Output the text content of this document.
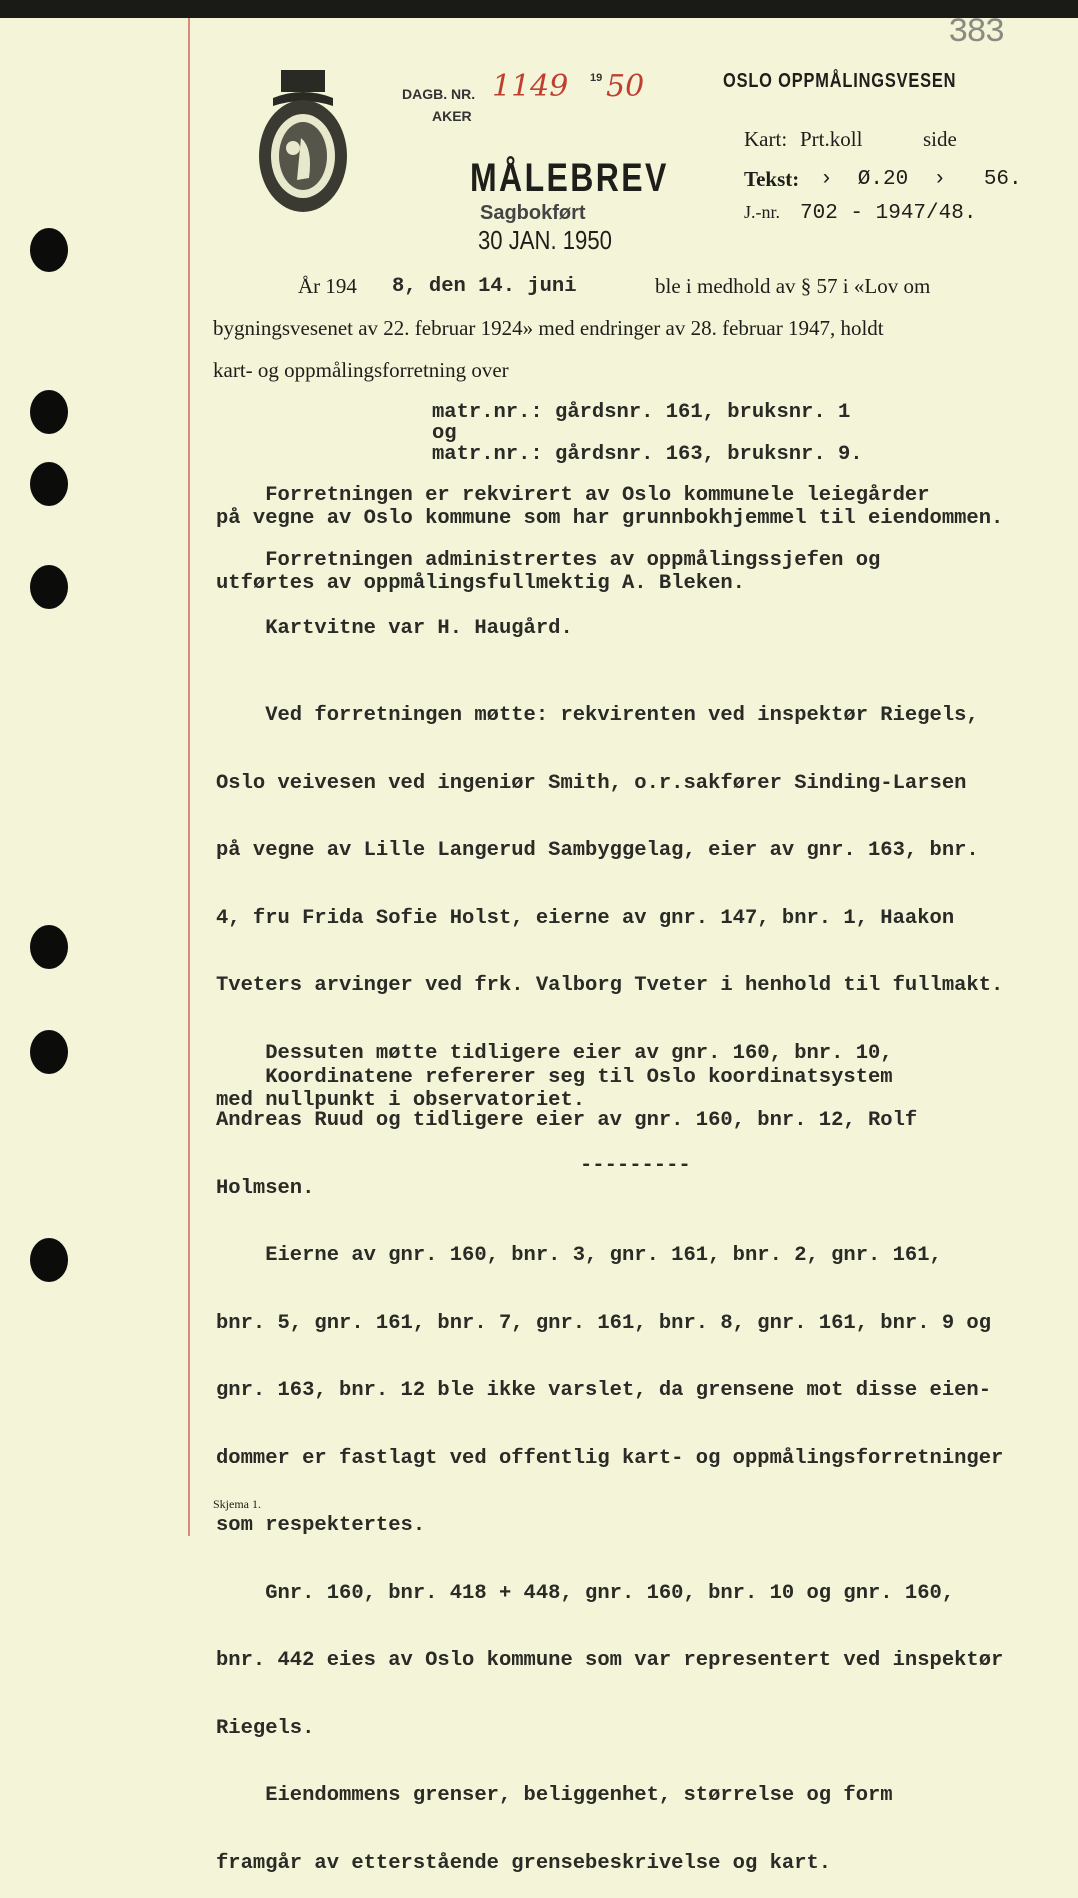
383
DAGB. NR. 1149 19 50
AKER
MÅLEBREV
Sagbokført
30 JAN. 1950
OSLO OPPMÅLINGSVESEN
Kart: Prt.koll	side
Tekst: ›  Ø.20  ›   56.
J.-nr. 702 - 1947/48.
År 194 8, den 14. juni	ble i medhold av § 57 i «Lov om
bygningsvesenet av 22. februar 1924» med endringer av 28. februar 1947, holdt
kart- og oppmålingsforretning over
matr.nr.: gårdsnr. 161, bruksnr. 1
og
matr.nr.: gårdsnr. 163, bruksnr. 9.
Forretningen er rekvirert av Oslo kommunele leiegårder
på vegne av Oslo kommune som har grunnbokhjemmel til eiendommen.
Forretningen administrertes av oppmålingssjefen og
utførtes av oppmålingsfullmektig A. Bleken.
Kartvitne var H. Haugård.

Ved forretningen møtte: rekvirenten ved inspektør Riegels,

Oslo veivesen ved ingeniør Smith, o.r.sakfører Sinding-Larsen

på vegne av Lille Langerud Sambyggelag, eier av gnr. 163, bnr.

4, fru Frida Sofie Holst, eierne av gnr. 147, bnr. 1, Haakon

Tveters arvinger ved frk. Valborg Tveter i henhold til fullmakt.

Dessuten møtte tidligere eier av gnr. 160, bnr. 10,

Andreas Ruud og tidligere eier av gnr. 160, bnr. 12, Rolf

Holmsen.

Eierne av gnr. 160, bnr. 3, gnr. 161, bnr. 2, gnr. 161,

bnr. 5, gnr. 161, bnr. 7, gnr. 161, bnr. 8, gnr. 161, bnr. 9 og

gnr. 163, bnr. 12 ble ikke varslet, da grensene mot disse eien-

dommer er fastlagt ved offentlig kart- og oppmålingsforretninger

som respektertes.

Gnr. 160, bnr. 418 + 448, gnr. 160, bnr. 10 og gnr. 160,

bnr. 442 eies av Oslo kommune som var representert ved inspektør

Riegels.

Eiendommens grenser, beliggenhet, størrelse og form

framgår av etterstående grensebeskrivelse og kart.

Koordinatene refererer seg til Oslo koordinatsystem
med nullpunkt i observatoriet.
---------
Skjema 1.
